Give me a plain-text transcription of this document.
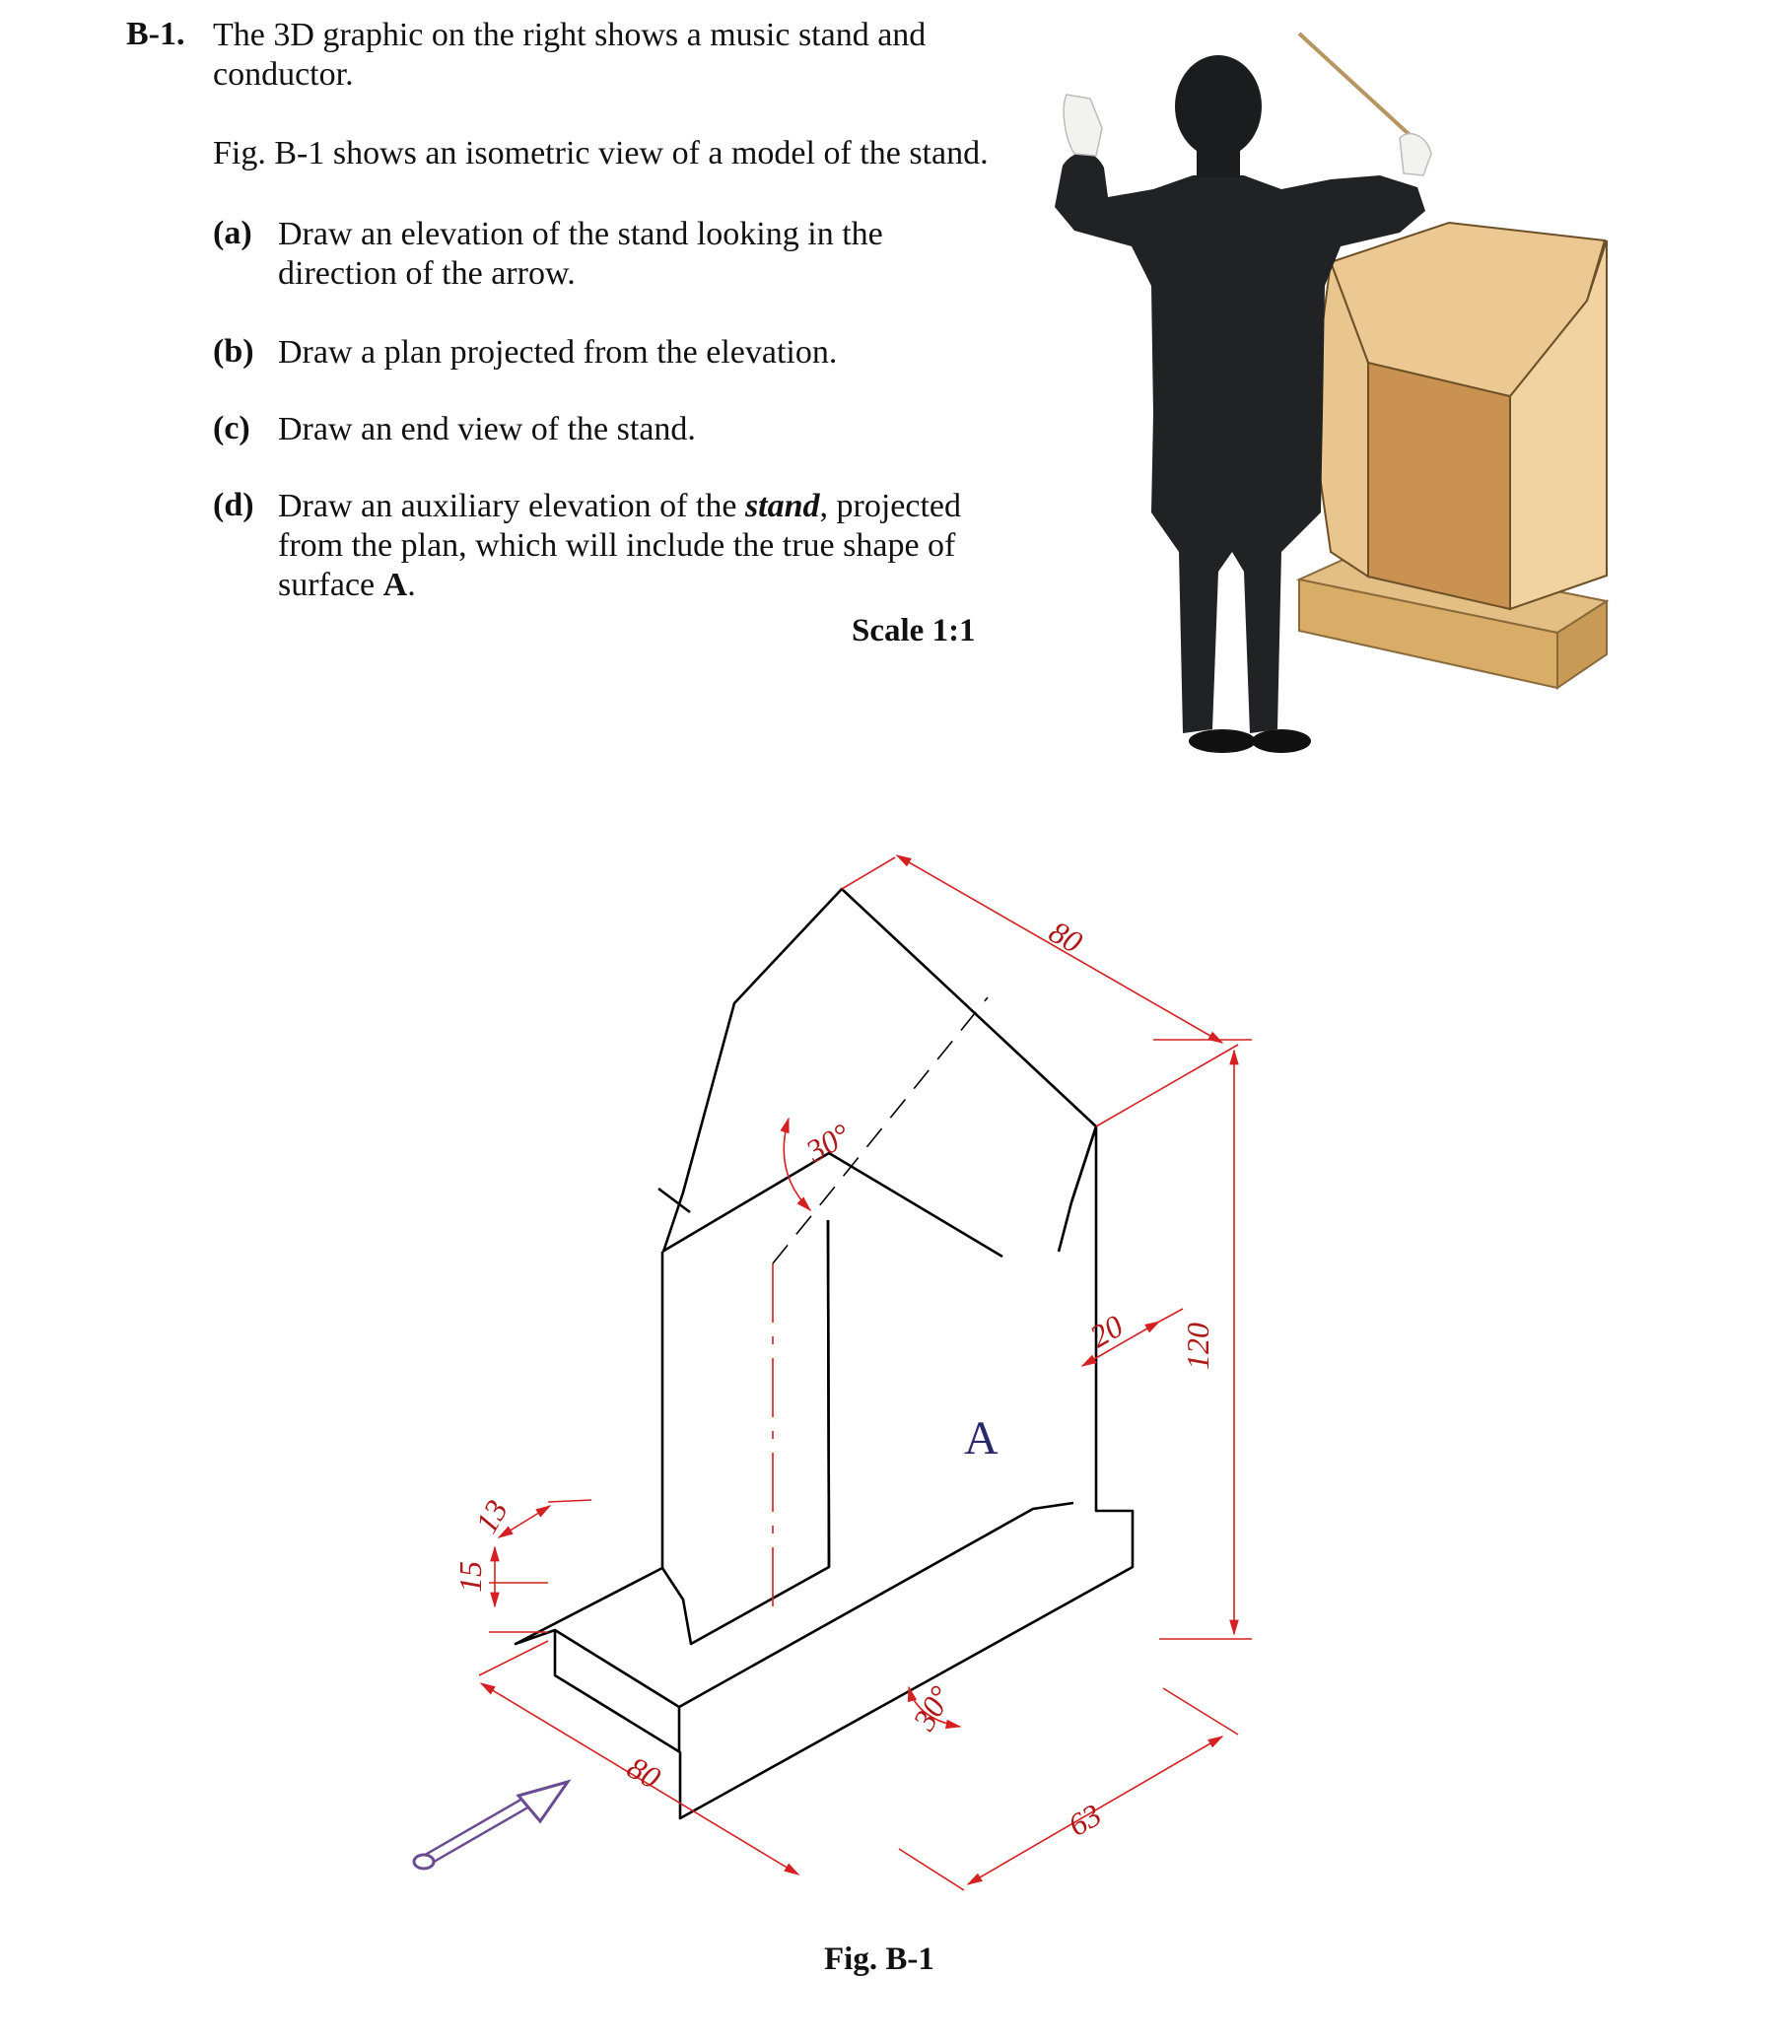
B-1. The 3D graphic on the right shows a music stand and
conductor.
Fig. B-1 shows an isometric view of a model of the stand.
(a) Draw an elevation of the stand looking in the
direction of the arrow.
(b) Draw a plan projected from the elevation.
(c) Draw an end view of the stand.
(d) Draw an auxiliary elevation of the stand, projected
from the plan, which will include the true shape of
surface A.
Scale 1:1
A
80
120
20
80
63
15
13
30°
30°
Fig. B-1
